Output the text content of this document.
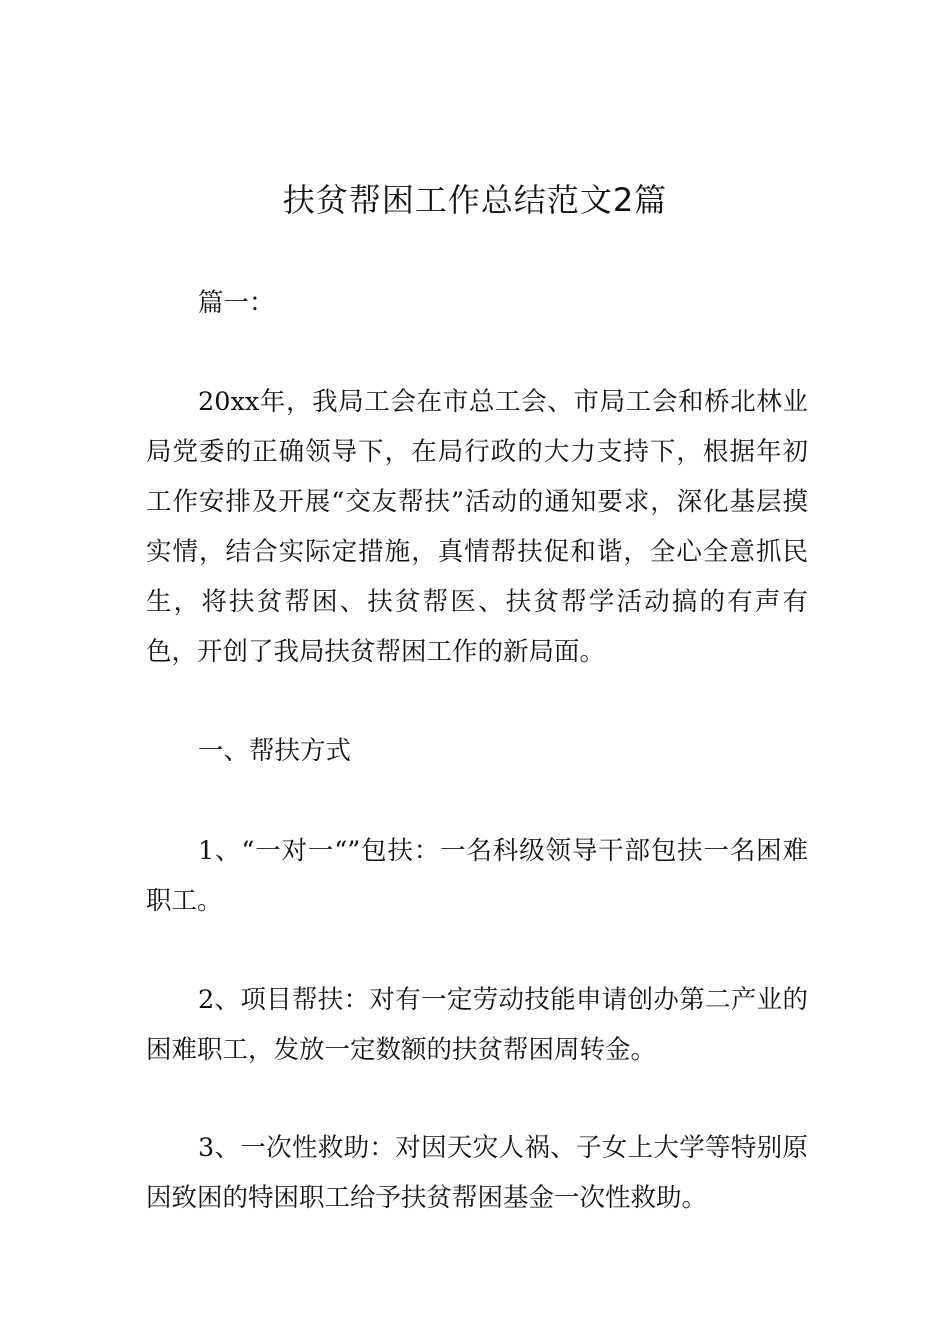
扶贫帮困工作总结范文2篇

篇一：

20xx年，我局工会在市总工会、市局工会和桥北林业局党委的正确领导下，在局行政的大力支持下，根据年初工作安排及开展“交友帮扶”活动的通知要求，深化基层摸实情，结合实际定措施，真情帮扶促和谐，全心全意抓民生，将扶贫帮困、扶贫帮医、扶贫帮学活动搞的有声有色，开创了我局扶贫帮困工作的新局面。

一、帮扶方式

1、“一对一“”包扶：一名科级领导干部包扶一名困难职工。

2、项目帮扶：对有一定劳动技能申请创办第二产业的困难职工，发放一定数额的扶贫帮困周转金。

3、一次性救助：对因天灾人祸、子女上大学等特别原因致困的特困职工给予扶贫帮困基金一次性救助。
